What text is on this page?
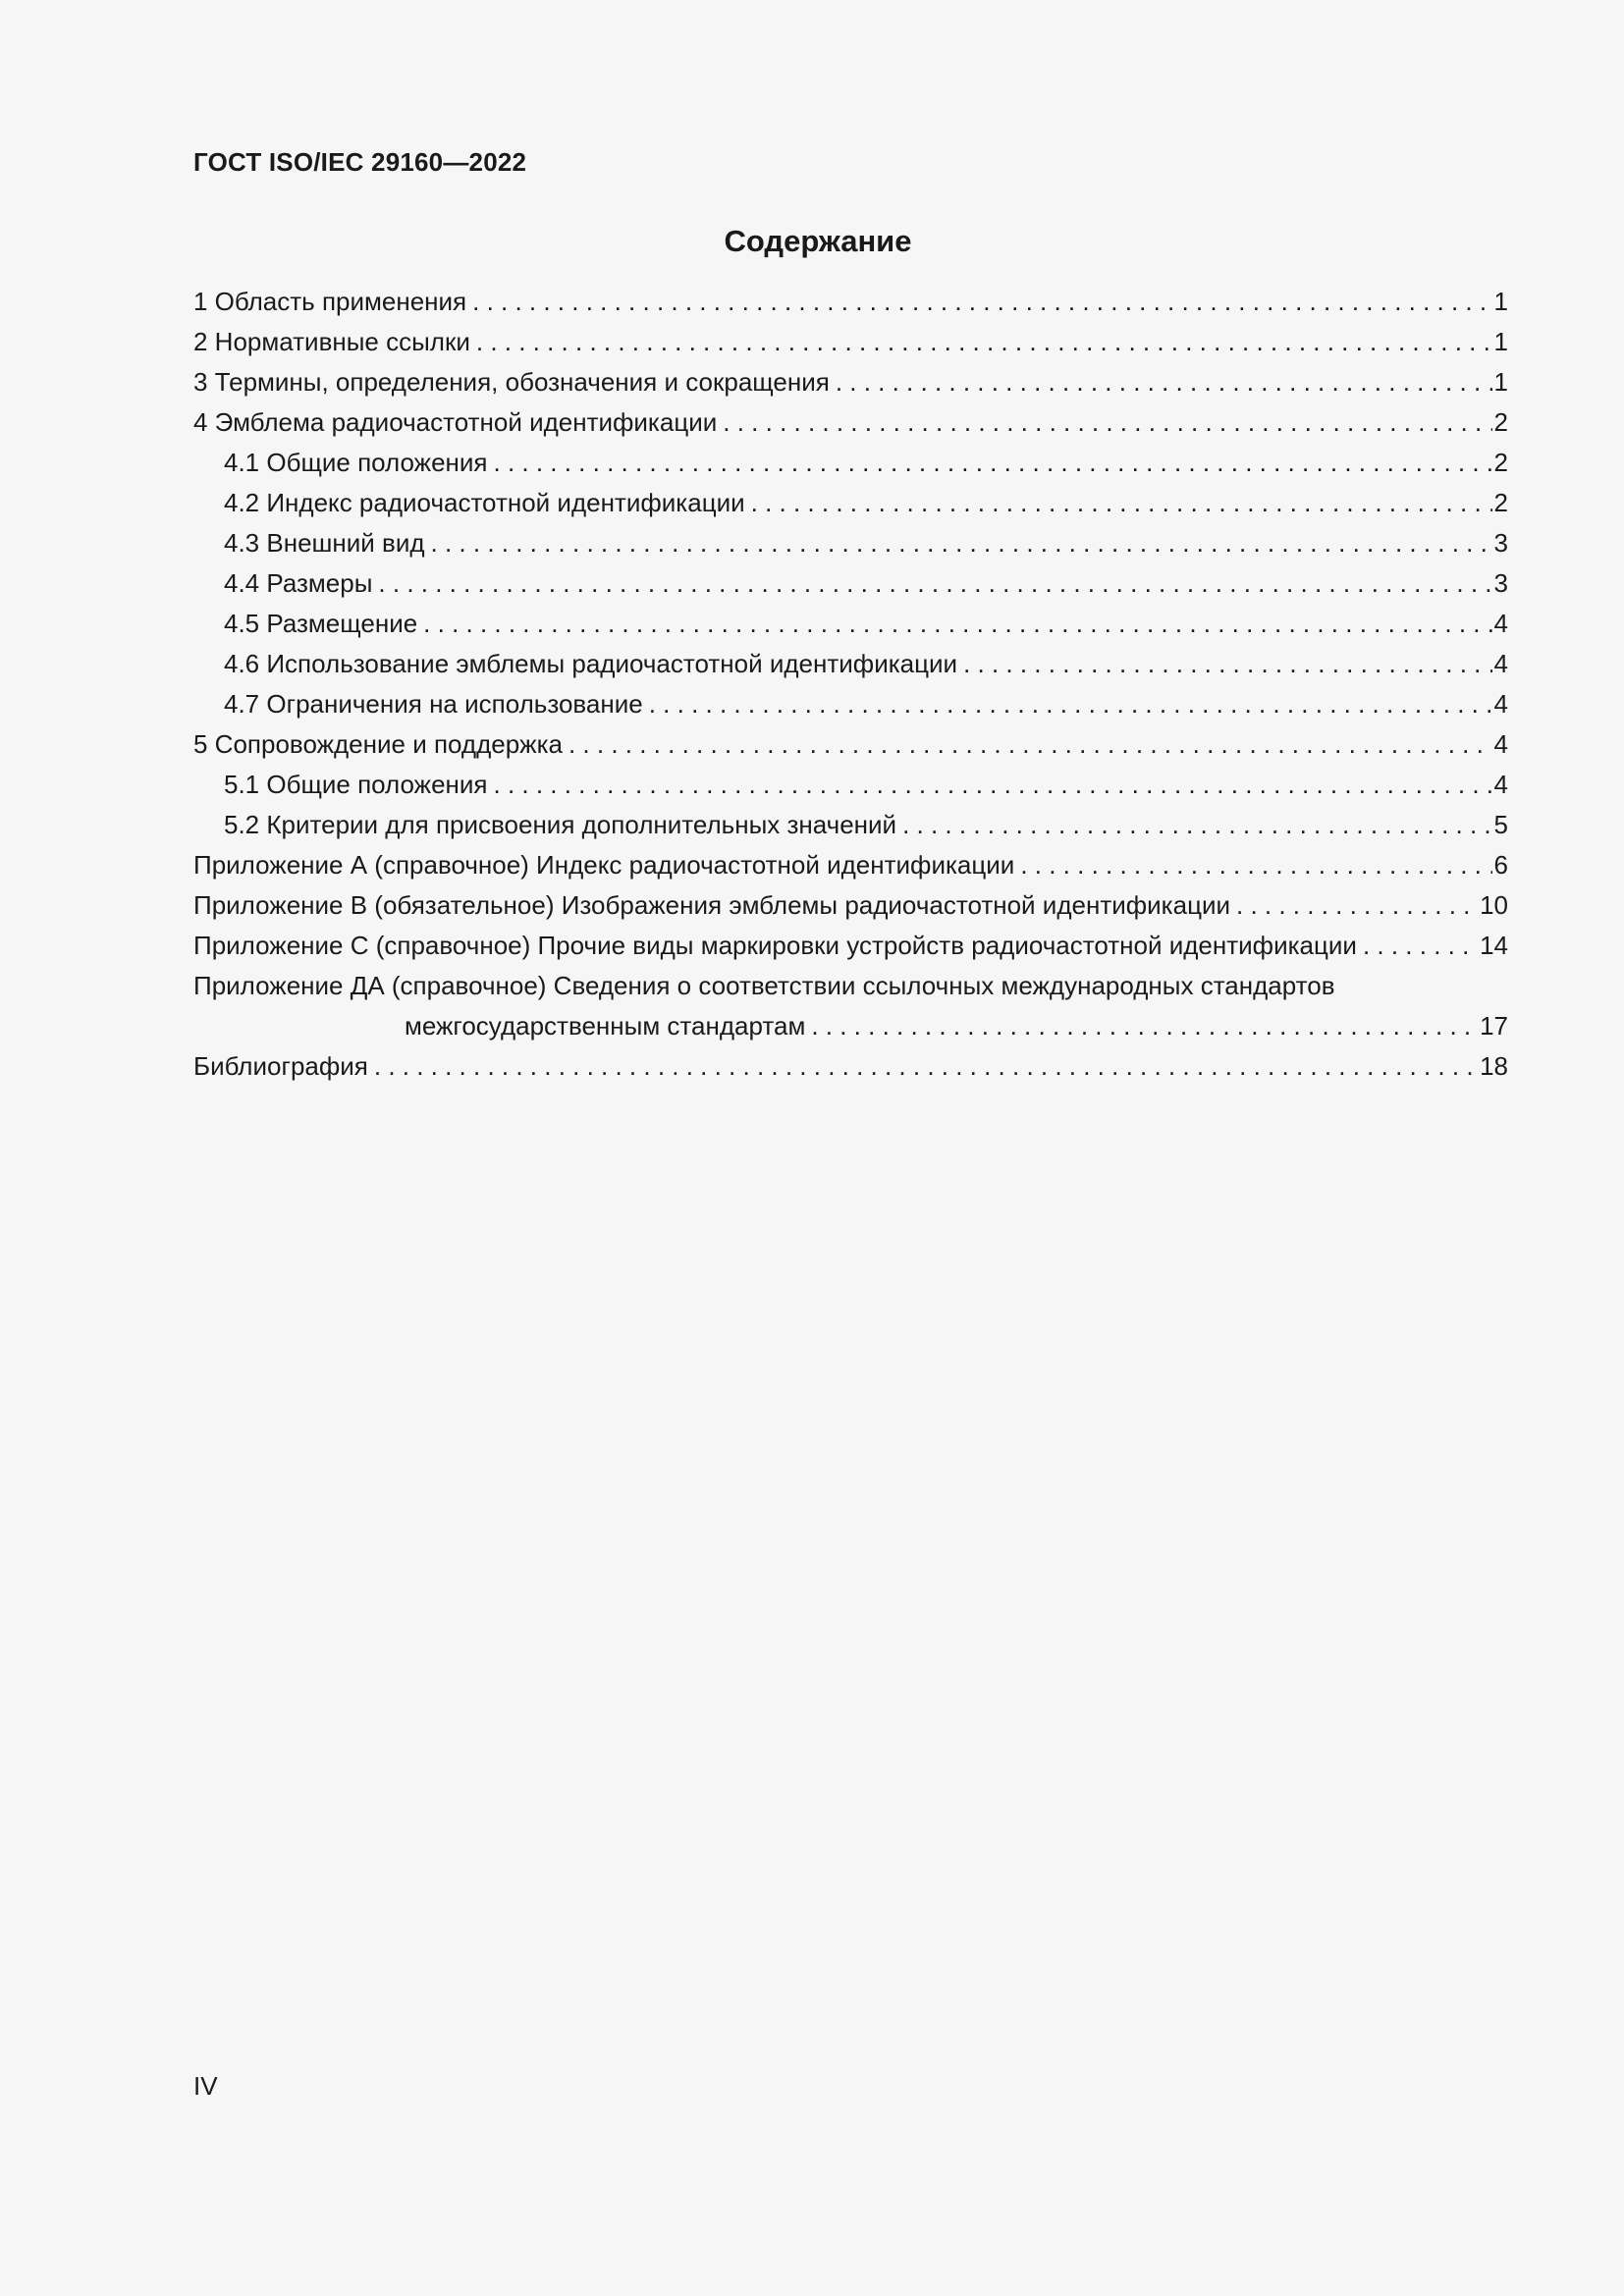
ГОСТ ISO/IEC 29160—2022
Содержание
1 Область применения . . .	1
2 Нормативные ссылки . . .	1
3 Термины, определения, обозначения и сокращения . . .	1
4 Эмблема радиочастотной идентификации . . .	2
4.1 Общие положения . . .	2
4.2 Индекс радиочастотной идентификации . . .	2
4.3 Внешний вид . . .	3
4.4 Размеры . . .	3
4.5 Размещение . . .	4
4.6 Использование эмблемы радиочастотной идентификации . . .	4
4.7 Ограничения на использование . . .	4
5 Сопровождение и поддержка . . .	4
5.1 Общие положения . . .	4
5.2 Критерии для присвоения дополнительных значений . . .	5
Приложение А (справочное) Индекс радиочастотной идентификации . . .	6
Приложение В (обязательное) Изображения эмблемы радиочастотной идентификации . . .	10
Приложение С (справочное) Прочие виды маркировки устройств радиочастотной идентификации . . .	14
Приложение ДА (справочное) Сведения о соответствии ссылочных международных стандартов
межгосударственным стандартам . . .	17
Библиография . . .	18
IV
